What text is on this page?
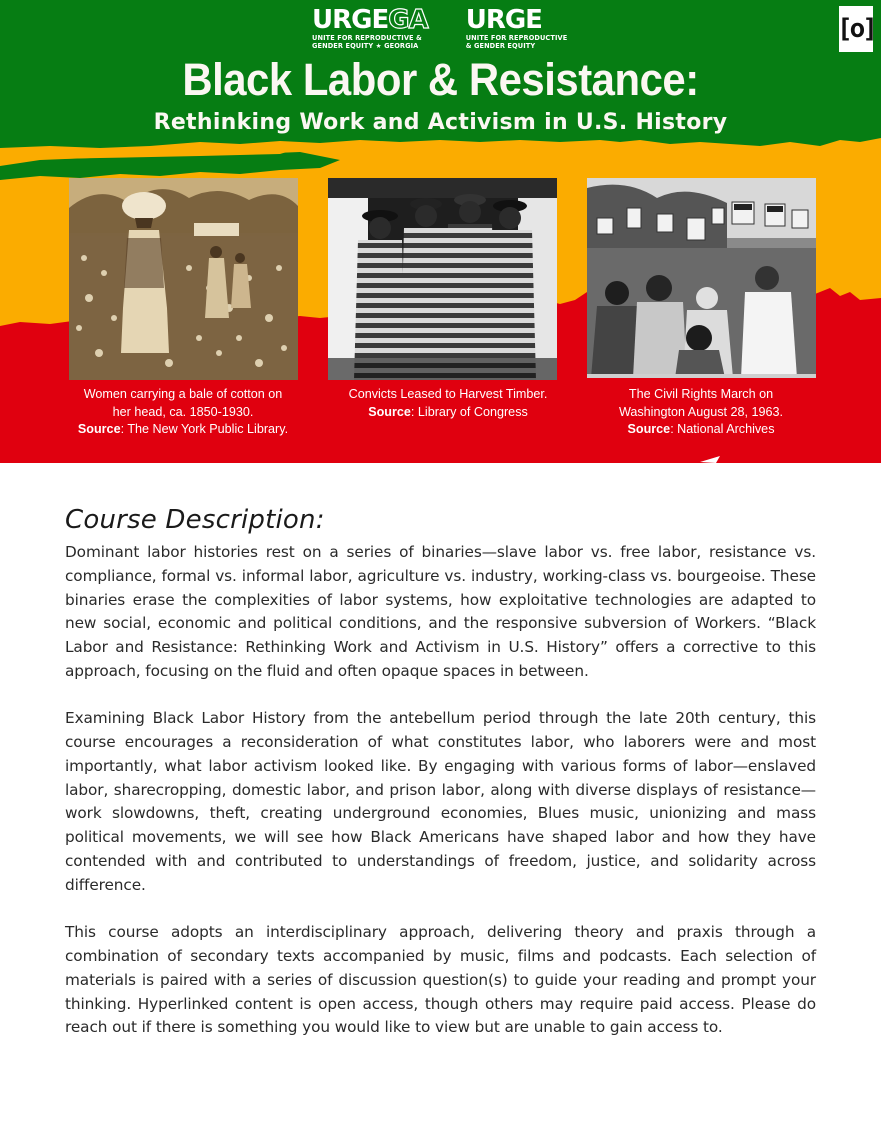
URGEGA
UNITE FOR REPRODUCTIVE &
GENDER EQUITY ★ GEORGIA
URGE
UNITE FOR REPRODUCTIVE
& GENDER EQUITY
[o]
Black Labor & Resistance:
Rethinking Work and Activism in U.S. History
Women carrying a bale of cotton on
her head, ca. 1850-1930.
Source: The New York Public Library.
Convicts Leased to Harvest Timber.
Source: Library of Congress
The Civil Rights March on
Washington August 28, 1963.
Source: National Archives
Course Description:

Dominant labor histories rest on a series of binaries—slave labor vs. free labor, resistance vs. compliance, formal vs. informal labor, agriculture vs. industry, working-class vs. bourgeoise. These binaries erase the complexities of labor systems, how exploitative technologies are adapted to new social, economic and political conditions, and the responsive subversion of Workers. “Black Labor and Resistance: Rethinking Work and Activism in U.S. History” offers a corrective to this approach, focusing on the fluid and often opaque spaces in between.

Examining Black Labor History from the antebellum period through the late 20th century, this course encourages a reconsideration of what constitutes labor, who laborers were and most importantly, what labor activism looked like. By engaging with various forms of labor—enslaved labor, sharecropping, domestic labor, and prison labor, along with diverse displays of resistance—work slowdowns, theft, creating underground economies, Blues music, unionizing and mass political movements, we will see how Black Americans have shaped labor and how they have contended with and contributed to understandings of freedom, justice, and solidarity across difference.

This course adopts an interdisciplinary approach, delivering theory and praxis through a combination of secondary texts accompanied by music, films and podcasts. Each selection of materials is paired with a series of discussion question(s) to guide your reading and prompt your thinking. Hyperlinked content is open access, though others may require paid access. Please do reach out if there is something you would like to view but are unable to gain access to.
